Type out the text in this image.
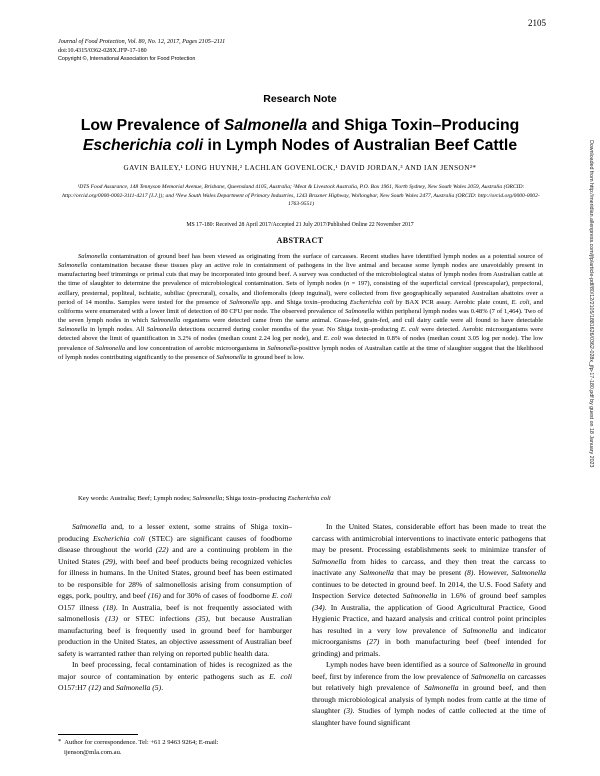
2105
Journal of Food Protection, Vol. 80, No. 12, 2017, Pages 2105–2111
doi:10.4315/0362-028X.JFP-17-180
Copyright ©, International Association for Food Protection
Downloaded from http://meridian.allenpress.com/jfp/article-pdf/80/12/2105/1881626/0362-028x_jfp-17-180.pdf by guest on 18 January 2023
Research Note
Low Prevalence of Salmonella and Shiga Toxin–Producing
Escherichia coli in Lymph Nodes of Australian Beef Cattle
GAVIN BAILEY,¹ LONG HUYNH,² LACHLAN GOVENLOCK,¹ DAVID JORDAN,³ AND IAN JENSON²*
¹DTS Food Assurance, 148 Tennyson Memorial Avenue, Brisbane, Queensland 4105, Australia; ²Meat & Livestock Australia, P.O. Box 1961, North Sydney, New South Wales 2059, Australia (ORCID: http://orcid.org/0000-0002-3111-4217 [I.J.]); and ³New South Wales Department of Primary Industries, 1243 Bruxner Highway, Wollongbar, New South Wales 2477, Australia (ORCID: http://orcid.org/0000-0002-1763-9551)
MS 17-180: Received 28 April 2017/Accepted 21 July 2017/Published Online 22 November 2017
ABSTRACT

Salmonella contamination of ground beef has been viewed as originating from the surface of carcasses. Recent studies have identified lymph nodes as a potential source of Salmonella contamination because these tissues play an active role in containment of pathogens in the live animal and because some lymph nodes are unavoidably present in manufacturing beef trimmings or primal cuts that may be incorporated into ground beef. A survey was conducted of the microbiological status of lymph nodes from Australian cattle at the time of slaughter to determine the prevalence of microbiological contamination. Sets of lymph nodes (n = 197), consisting of the superficial cervical (prescapular), prepectoral, axillary, presternal, popliteal, ischiatic, subiliac (precrural), coxalis, and iliofemoralis (deep inguinal), were collected from five geographically separated Australian abattoirs over a period of 14 months. Samples were tested for the presence of Salmonella spp. and Shiga toxin–producing Escherichia coli by BAX PCR assay. Aerobic plate count, E. coli, and coliforms were enumerated with a lower limit of detection of 80 CFU per node. The observed prevalence of Salmonella within peripheral lymph nodes was 0.48% (7 of 1,464). Two of the seven lymph nodes in which Salmonella organisms were detected came from the same animal. Grass-fed, grain-fed, and cull dairy cattle were all found to have detectable Salmonella in lymph nodes. All Salmonella detections occurred during cooler months of the year. No Shiga toxin–producing E. coli were detected. Aerobic microorganisms were detected above the limit of quantification in 3.2% of nodes (median count 2.24 log per node), and E. coli was detected in 0.8% of nodes (median count 3.05 log per node). The low prevalence of Salmonella and low concentration of aerobic microorganisms in Salmonella-positive lymph nodes of Australian cattle at the time of slaughter suggest that the likelihood of lymph nodes contributing significantly to the presence of Salmonella in ground beef is low.

Key words: Australia; Beef; Lymph nodes; Salmonella; Shiga toxin–producing Escherichia coli

Salmonella and, to a lesser extent, some strains of Shiga toxin–producing Escherichia coli (STEC) are significant causes of foodborne disease throughout the world (22) and are a continuing problem in the United States (29), with beef and beef products being recognized vehicles for illness in humans. In the United States, ground beef has been estimated to be responsible for 28% of salmonellosis arising from consumption of eggs, pork, poultry, and beef (16) and for 30% of cases of foodborne E. coli O157 illness (18). In Australia, beef is not frequently associated with salmonellosis (13) or STEC infections (35), but because Australian manufacturing beef is frequently used in ground beef for hamburger production in the United States, an objective assessment of Australian beef safety is warranted rather than relying on reported public health data.

In beef processing, fecal contamination of hides is recognized as the major source of contamination by enteric pathogens such as E. coli O157:H7 (12) and Salmonella (5).

In the United States, considerable effort has been made to treat the carcass with antimicrobial interventions to inactivate enteric pathogens that may be present. Processing establishments seek to minimize transfer of Salmonella from hides to carcass, and they then treat the carcass to inactivate any Salmonella that may be present (8). However, Salmonella continues to be detected in ground beef. In 2014, the U.S. Food Safety and Inspection Service detected Salmonella in 1.6% of ground beef samples (34). In Australia, the application of Good Agricultural Practice, Good Hygienic Practice, and hazard analysis and critical control point principles has resulted in a very low prevalence of Salmonella and indicator microorganisms (27) in both manufacturing beef (beef intended for grinding) and primals.

Lymph nodes have been identified as a source of Salmonella in ground beef, first by inference from the low prevalence of Salmonella on carcasses but relatively high prevalence of Salmonella in ground beef, and then through microbiological analysis of lymph nodes from cattle at the time of slaughter (3). Studies of lymph nodes of cattle collected at the time of slaughter have found significant

* Author for correspondence. Tel: +61 2 9463 9264; E-mail:
ijenson@mla.com.au.
